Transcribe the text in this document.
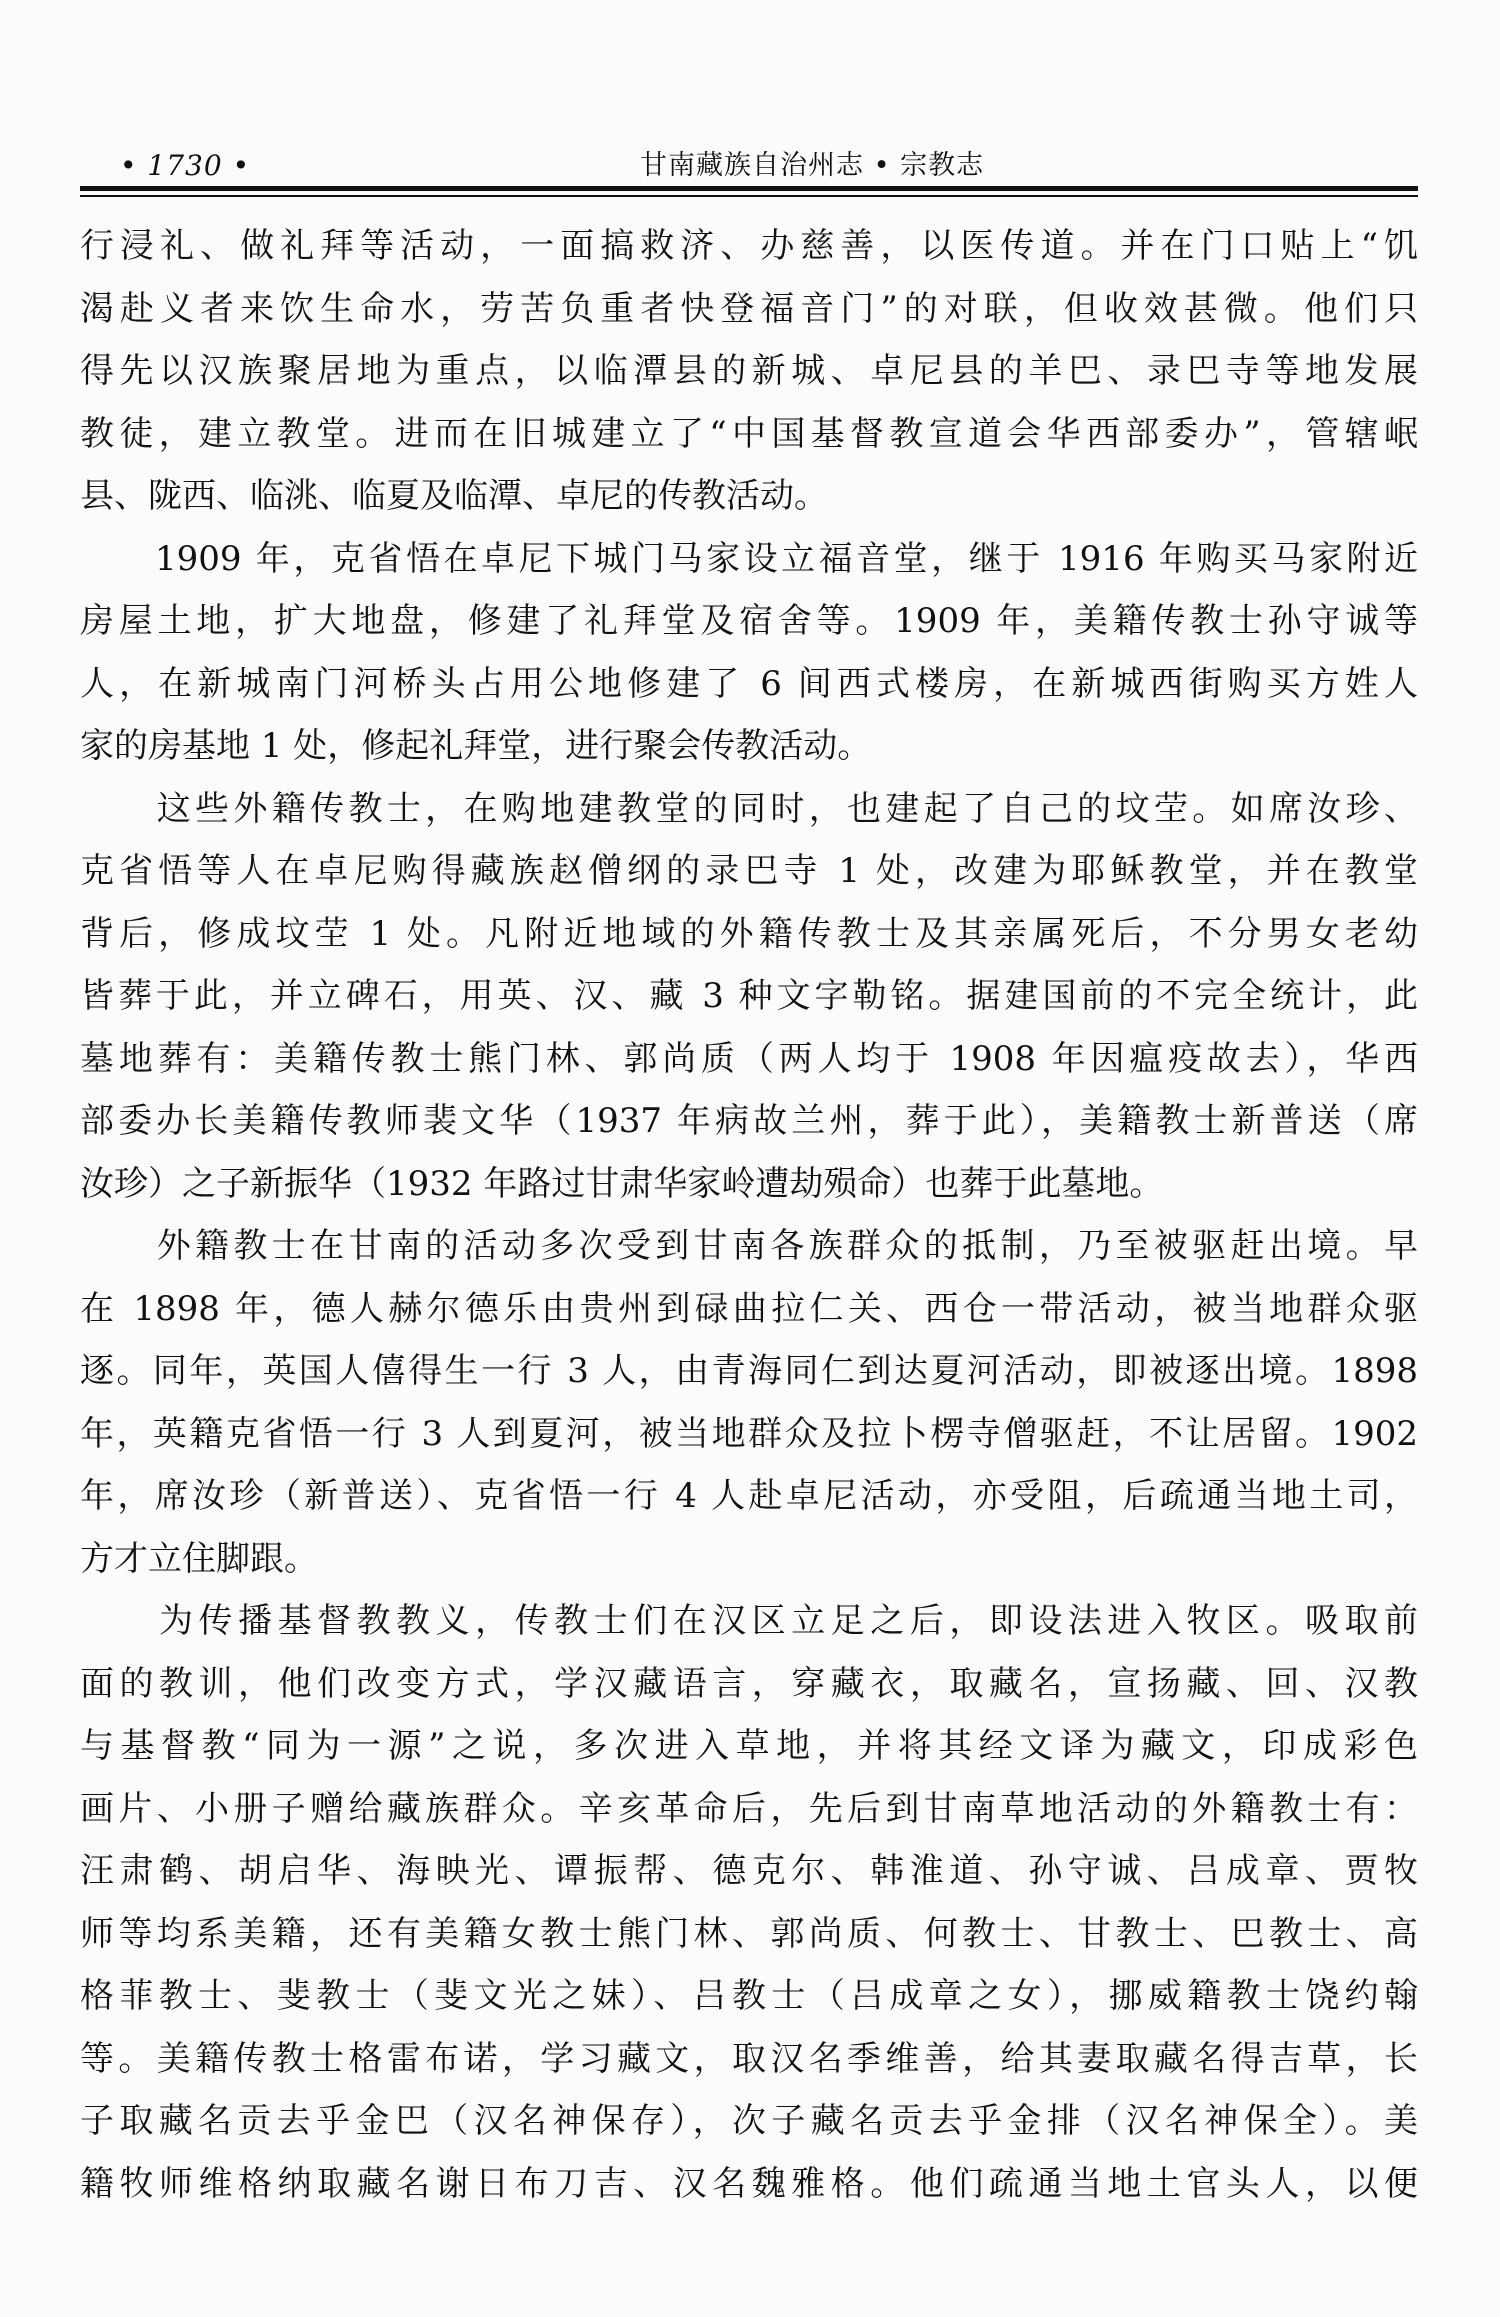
• 1730 •	甘南藏族自治州志 • 宗教志
行浸礼、做礼拜等活动，一面搞救济、办慈善，以医传道。并在门口贴上“饥
渴赴义者来饮生命水，劳苦负重者快登福音门”的对联，但收效甚微。他们只
得先以汉族聚居地为重点，以临潭县的新城、卓尼县的羊巴、录巴寺等地发展
教徒，建立教堂。进而在旧城建立了“中国基督教宣道会华西部委办”，管辖岷
县、陇西、临洮、临夏及临潭、卓尼的传教活动。
　　1909 年，克省悟在卓尼下城门马家设立福音堂，继于 1916 年购买马家附近
房屋土地，扩大地盘，修建了礼拜堂及宿舍等。1909 年，美籍传教士孙守诚等
人，在新城南门河桥头占用公地修建了 6 间西式楼房，在新城西街购买方姓人
家的房基地 1 处，修起礼拜堂，进行聚会传教活动。
　　这些外籍传教士，在购地建教堂的同时，也建起了自己的坟茔。如席汝珍、
克省悟等人在卓尼购得藏族赵僧纲的录巴寺 1 处，改建为耶稣教堂，并在教堂
背后，修成坟茔 1 处。凡附近地域的外籍传教士及其亲属死后，不分男女老幼
皆葬于此，并立碑石，用英、汉、藏 3 种文字勒铭。据建国前的不完全统计，此
墓地葬有：美籍传教士熊门林、郭尚质（两人均于 1908 年因瘟疫故去），华西
部委办长美籍传教师裴文华（1937 年病故兰州，葬于此），美籍教士新普送（席
汝珍）之子新振华（1932 年路过甘肃华家岭遭劫殒命）也葬于此墓地。
　　外籍教士在甘南的活动多次受到甘南各族群众的抵制，乃至被驱赶出境。早
在 1898 年，德人赫尔德乐由贵州到碌曲拉仁关、西仓一带活动，被当地群众驱
逐。同年，英国人僖得生一行 3 人，由青海同仁到达夏河活动，即被逐出境。1898
年，英籍克省悟一行 3 人到夏河，被当地群众及拉卜楞寺僧驱赶，不让居留。1902
年，席汝珍（新普送）、克省悟一行 4 人赴卓尼活动，亦受阻，后疏通当地土司，
方才立住脚跟。
　　为传播基督教教义，传教士们在汉区立足之后，即设法进入牧区。吸取前
面的教训，他们改变方式，学汉藏语言，穿藏衣，取藏名，宣扬藏、回、汉教
与基督教“同为一源”之说，多次进入草地，并将其经文译为藏文，印成彩色
画片、小册子赠给藏族群众。辛亥革命后，先后到甘南草地活动的外籍教士有：
汪肃鹤、胡启华、海映光、谭振帮、德克尔、韩淮道、孙守诚、吕成章、贾牧
师等均系美籍，还有美籍女教士熊门林、郭尚质、何教士、甘教士、巴教士、高
格菲教士、斐教士（斐文光之妹）、吕教士（吕成章之女），挪威籍教士饶约翰
等。美籍传教士格雷布诺，学习藏文，取汉名季维善，给其妻取藏名得吉草，长
子取藏名贡去乎金巴（汉名神保存），次子藏名贡去乎金排（汉名神保全）。美
籍牧师维格纳取藏名谢日布刀吉、汉名魏雅格。他们疏通当地土官头人，以便
